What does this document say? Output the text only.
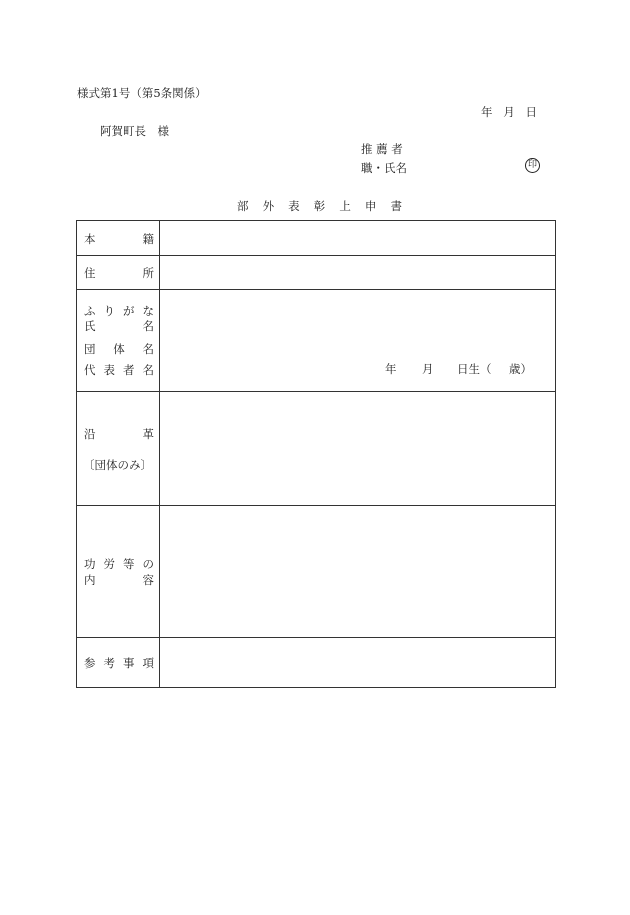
様式第1号（第5条関係）
年 月 日
阿賀町長　様
推 薦 者
職・氏名	印
部 外 表 彰 上 申 書
本	籍
住	所
ふ り が な
氏	名
団 体 名
代 表 者 名	年 月 日生（ 歳）
沿	革
〔団体のみ〕
功 労 等 の
内	容
参 考 事 項
